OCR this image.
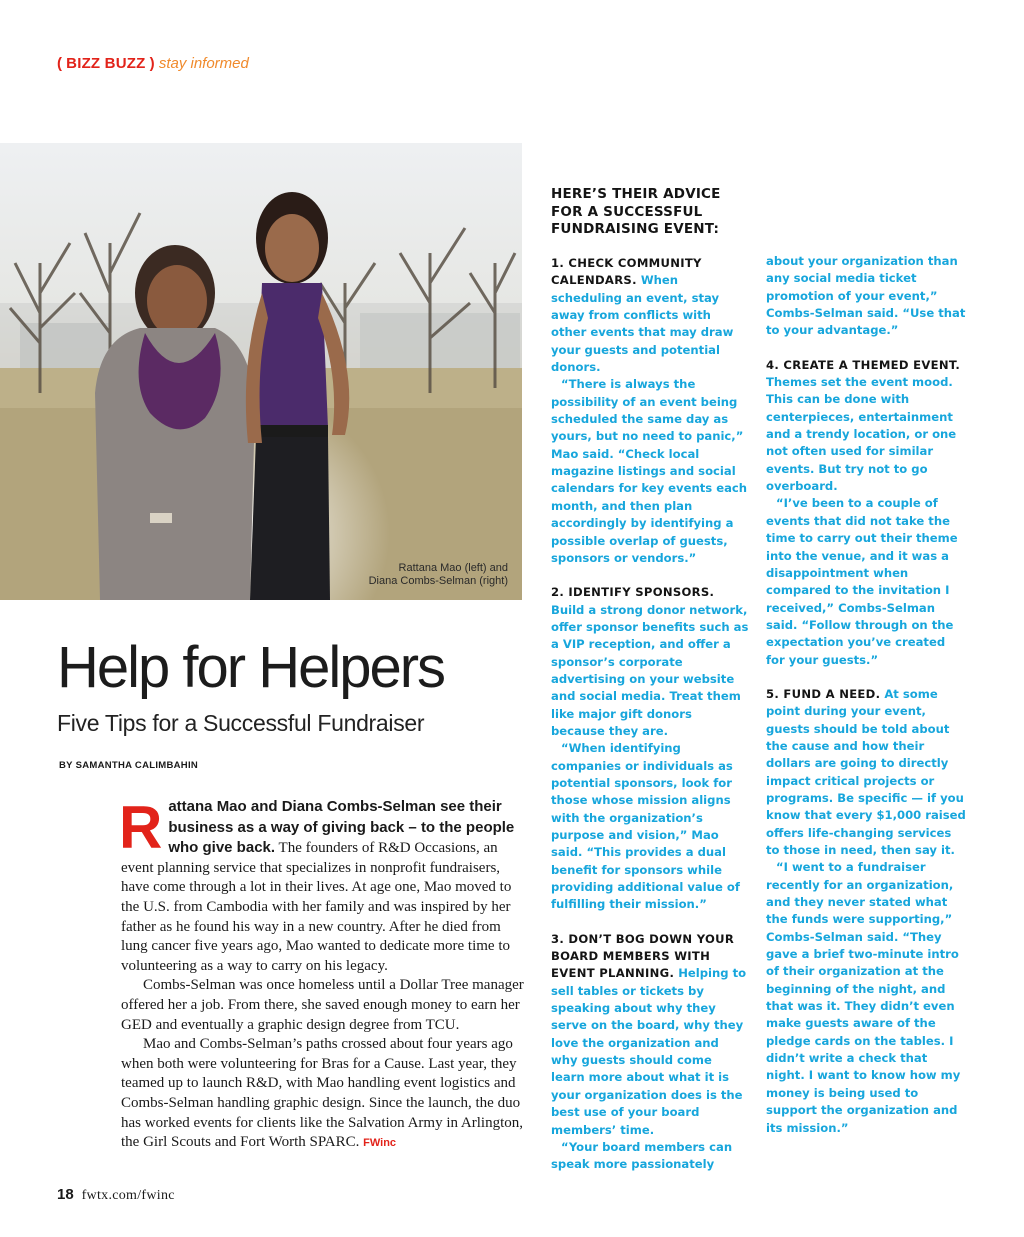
( BIZZ BUZZ ) stay informed
Rattana Mao (left) and
Diana Combs-Selman (right)
Help for Helpers
Five Tips for a Successful Fundraiser
BY SAMANTHA CALIMBAHIN

Rattana Mao and Diana Combs-Selman see their business as a way of giving back – to the people who give back. The founders of R&D Occasions, an event planning service that specializes in nonprofit fundraisers, have come through a lot in their lives. At age one, Mao moved to the U.S. from Cambodia with her family and was inspired by her father as he found his way in a new country. After he died from lung cancer five years ago, Mao wanted to dedicate more time to volunteering as a way to carry on his legacy.

Combs-Selman was once homeless until a Dollar Tree manager offered her a job. From there, she saved enough money to earn her GED and eventually a graphic design degree from TCU.

Mao and Combs-Selman’s paths crossed about four years ago when both were volunteering for Bras for a Cause. Last year, they teamed up to launch R&D, with Mao handling event logistics and Combs-Selman handling graphic design. Since the launch, the duo has worked events for clients like the Salvation Army in Arlington, the Girl Scouts and Fort Worth SPARC. FWinc

HERE’S THEIR ADVICE
FOR A SUCCESSFUL
FUNDRAISING EVENT:

1. CHECK COMMUNITY CALENDARS. When scheduling an event, stay away from conflicts with other events that may draw your guests and potential donors.
“There is always the possibility of an event being scheduled the same day as yours, but no need to panic,” Mao said. “Check local magazine listings and social calendars for key events each month, and then plan accordingly by identifying a possible overlap of guests, sponsors or vendors.”

2. IDENTIFY SPONSORS. Build a strong donor network, offer sponsor benefits such as a VIP reception, and offer a sponsor’s corporate advertising on your website and social media. Treat them like major gift donors because they are.
“When identifying companies or individuals as potential sponsors, look for those whose mission aligns with the organization’s purpose and vision,” Mao said. “This provides a dual benefit for sponsors while providing additional value of fulfilling their mission.”

3. DON’T BOG DOWN YOUR BOARD MEMBERS WITH EVENT PLANNING. Helping to sell tables or tickets by speaking about why they serve on the board, why they love the organization and why guests should come learn more about what it is your organization does is the best use of your board members’ time.
“Your board members can speak more passionately

about your organization than any social media ticket promotion of your event,” Combs-Selman said. “Use that to your advantage.”

4. CREATE A THEMED EVENT. Themes set the event mood. This can be done with centerpieces, entertainment and a trendy location, or one not often used for similar events. But try not to go overboard.
“I’ve been to a couple of events that did not take the time to carry out their theme into the venue, and it was a disappointment when compared to the invitation I received,” Combs-Selman said. “Follow through on the expectation you’ve created for your guests.”

5. FUND A NEED. At some point during your event, guests should be told about the cause and how their dollars are going to directly impact critical projects or programs. Be specific — if you know that every $1,000 raised offers life-changing services to those in need, then say it.
“I went to a fundraiser recently for an organization, and they never stated what the funds were supporting,” Combs-Selman said. “They gave a brief two-minute intro of their organization at the beginning of the night, and that was it. They didn’t even make guests aware of the pledge cards on the tables. I didn’t write a check that night. I want to know how my money is being used to support the organization and its mission.”

18 fwtx.com/fwinc
